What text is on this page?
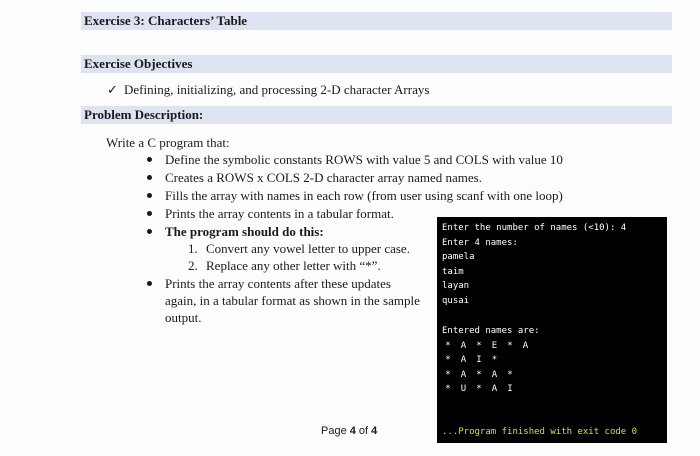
Exercise 3: Characters’ Table
Exercise Objectives
✓ Defining, initializing, and processing 2-D character Arrays
Problem Description:
Write a C program that:
Define the symbolic constants ROWS with value 5 and COLS with value 10
Creates a ROWS x COLS 2-D character array named names.
Fills the array with names in each row (from user using scanf with one loop)
Prints the array contents in a tabular format.
The program should do this:
1. Convert any vowel letter to upper case.
2. Replace any other letter with “*”.
Prints the array contents after these updates
again, in a tabular format as shown in the sample
output.
Enter the number of names (<10): 4
Enter 4 names:
pamela
taim
layan
qusai
Entered names are:
*	A	*	E	*	A
*	A	I	*
*	A	*	A	*
*	U	*	A	I
...Program finished with exit code 0
Page 4 of 4
